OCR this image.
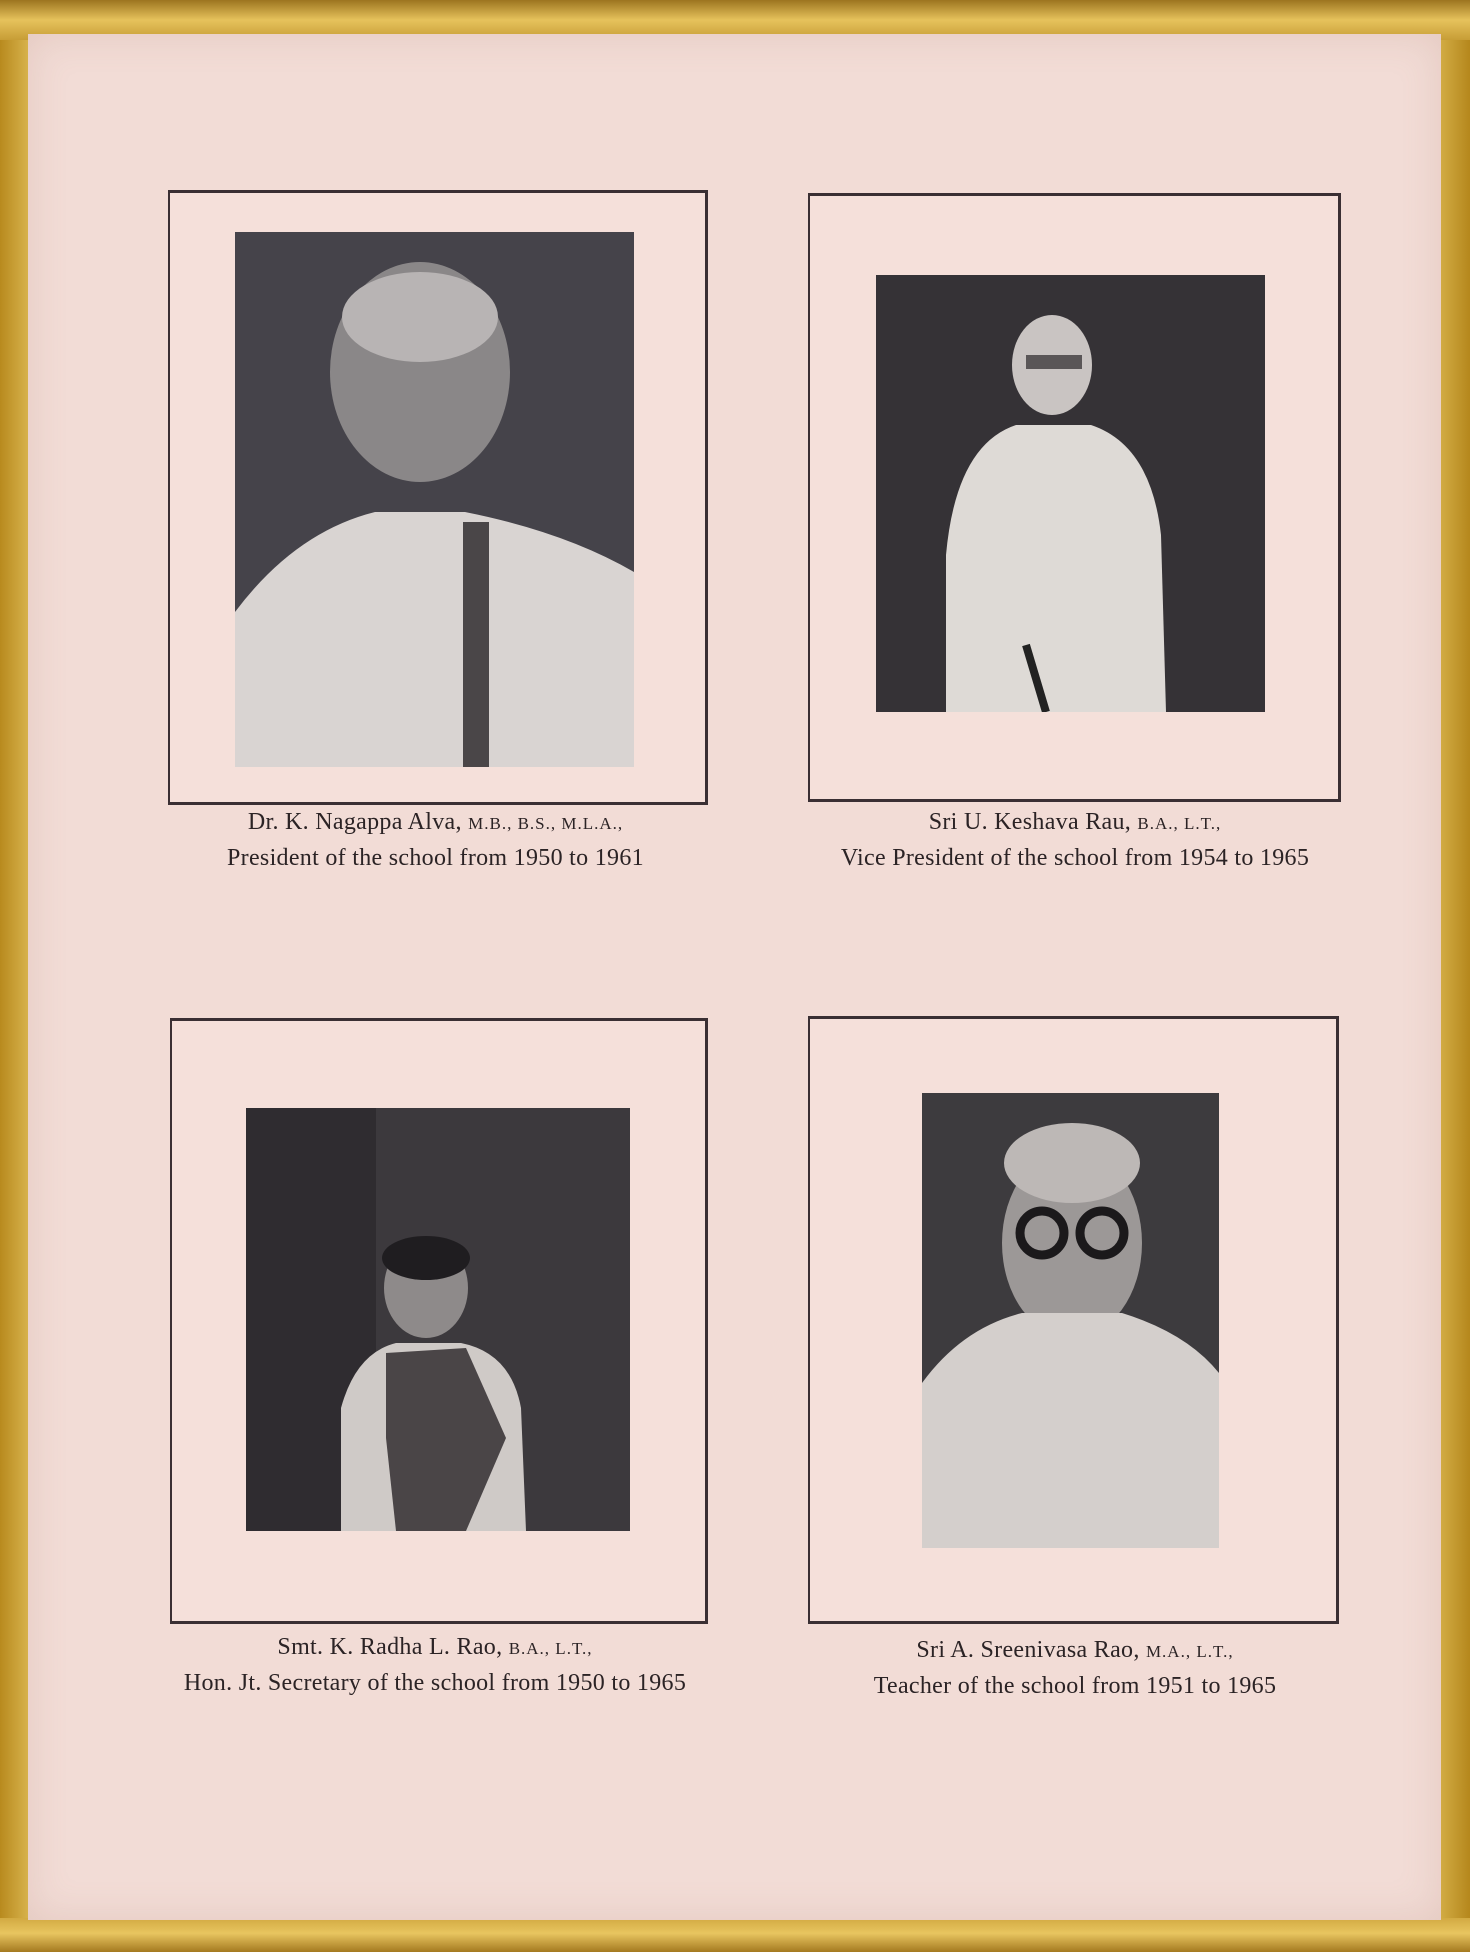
Dr. K. Nagappa Alva, M.B., B.S., M.L.A.,
President of the school from 1950 to 1961
Sri U. Keshava Rau, B.A., L.T.,
Vice President of the school from 1954 to 1965
Smt. K. Radha L. Rao, B.A., L.T.,
Hon. Jt. Secretary of the school from 1950 to 1965
Sri A. Sreenivasa Rao, M.A., L.T.,
Teacher of the school from 1951 to 1965
